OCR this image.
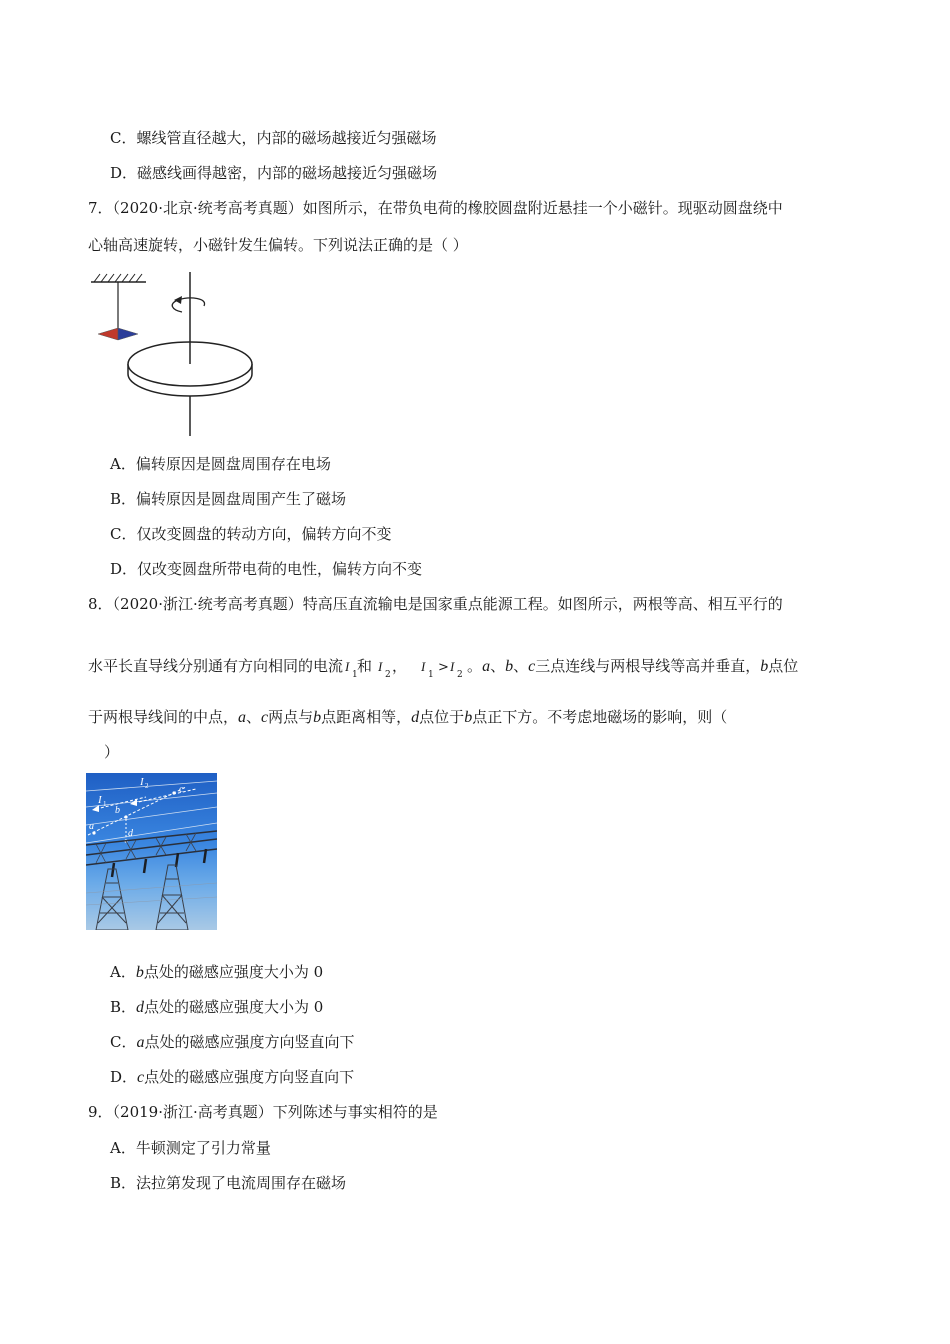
C．螺线管直径越大，内部的磁场越接近匀强磁场
D．磁感线画得越密，内部的磁场越接近匀强磁场
7．（2020·北京·统考高考真题）如图所示，在带负电荷的橡胶圆盘附近悬挂一个小磁针。现驱动圆盘绕中
心轴高速旋转，小磁针发生偏转。下列说法正确的是（ ）
A．偏转原因是圆盘周围存在电场
B．偏转原因是圆盘周围产生了磁场
C．仅改变圆盘的转动方向，偏转方向不变
D．仅改变圆盘所带电荷的电性，偏转方向不变
8．（2020·浙江·统考高考真题）特高压直流输电是国家重点能源工程。如图所示，两根等高、相互平行的
水平长直导线分别通有方向相同的电流 I
1 和 I
2 ， I
1 > I
2 。a、b、c三点连线与两根导线等高并垂直，b点位
于两根导线间的中点，a、c两点与b点距离相等，d点位于b点正下方。不考虑地磁场的影响，则（
）
I 1
I 2
a
b
c
d
A．b点处的磁感应强度大小为 0
B．d点处的磁感应强度大小为 0
C．a点处的磁感应强度方向竖直向下
D．c点处的磁感应强度方向竖直向下
9．（2019·浙江·高考真题）下列陈述与事实相符的是
A．牛顿测定了引力常量
B．法拉第发现了电流周围存在磁场
